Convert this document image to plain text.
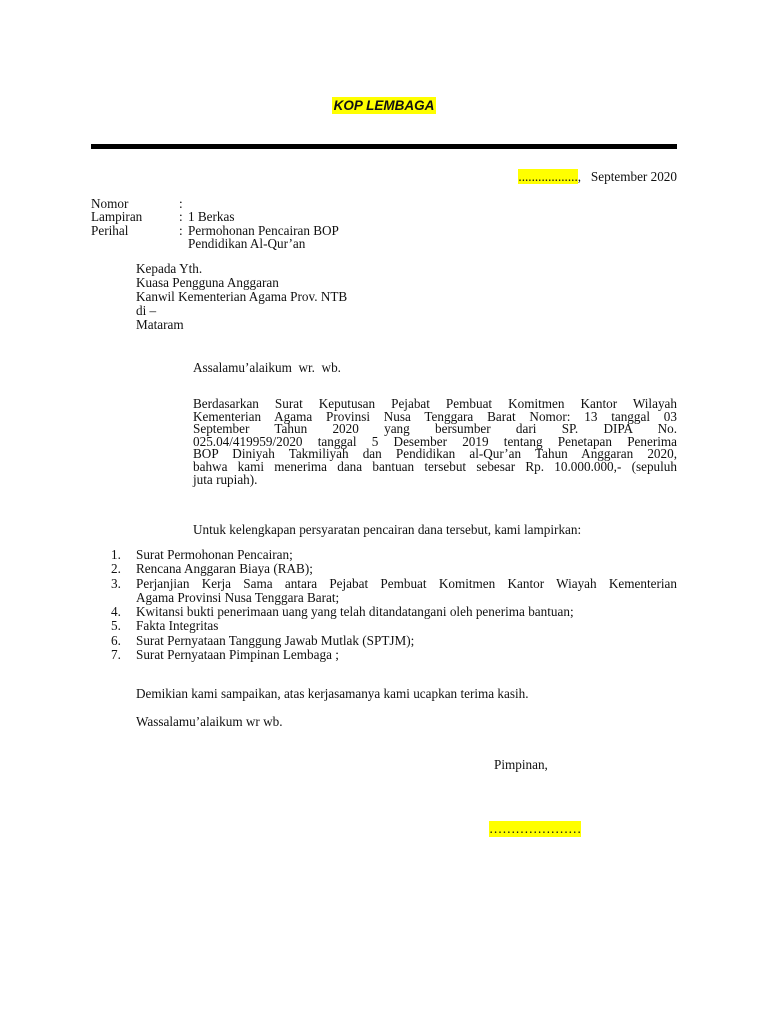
KOP LEMBAGA
.................., September 2020
Nomor	:
Lampiran	: 1 Berkas
Perihal	: Permohonan Pencairan BOP
Pendidikan Al-Qur’an
Kepada Yth.
Kuasa Pengguna Anggaran
Kanwil Kementerian Agama Prov. NTB
di –
Mataram
Assalamu’alaikum  wr.  wb.
Berdasarkan Surat Keputusan Pejabat Pembuat Komitmen Kantor Wilayah
Kementerian Agama Provinsi Nusa Tenggara Barat Nomor: 13 tanggal 03
September Tahun 2020 yang bersumber dari SP. DIPA No.
025.04/419959/2020 tanggal 5 Desember 2019 tentang Penetapan Penerima
BOP Diniyah Takmiliyah dan Pendidikan al-Qur’an Tahun Anggaran 2020,
bahwa kami menerima dana bantuan tersebut sebesar Rp. 10.000.000,- (sepuluh
juta rupiah).
Untuk kelengkapan persyaratan pencairan dana tersebut, kami lampirkan:
1. Surat Permohonan Pencairan;
2. Rencana Anggaran Biaya (RAB);
3. Perjanjian Kerja Sama antara Pejabat Pembuat Komitmen Kantor Wiayah Kementerian
Agama Provinsi Nusa Tenggara Barat;
4. Kwitansi bukti penerimaan uang yang telah ditandatangani oleh penerima bantuan;
5. Fakta Integritas
6. Surat Pernyataan Tanggung Jawab Mutlak (SPTJM);
7. Surat Pernyataan Pimpinan Lembaga ;
Demikian kami sampaikan, atas kerjasamanya kami ucapkan terima kasih.
Wassalamu’alaikum wr wb.
Pimpinan,
…………………
